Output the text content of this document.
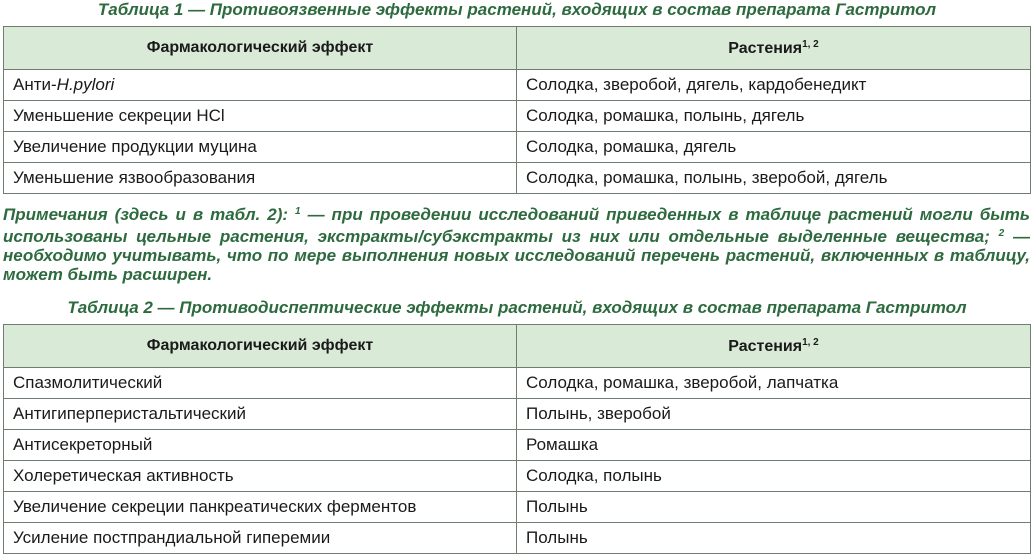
Таблица 1 — Противоязвенные эффекты растений, входящих в состав препарата Гастритол
Фармакологический эффект	Растения$^{1, 2}$
Анти-H.pylori	Солодка, зверобой, дягель, кардобенедикт
Уменьшение секреции HCl	Солодка, ромашка, полынь, дягель
Увеличение продукции муцина	Солодка, ромашка, дягель
Уменьшение язвообразования	Солодка, ромашка, полынь, зверобой, дягель
Примечания (здесь и в табл. 2): $^1$ — при проведении исследований приведенных в таблице растений могли быть использованы цельные растения, экстракты/субэкстракты из них или отдельные выделенные вещества; $^2$ — необходимо учитывать, что по мере выполнения новых исследований перечень растений, включенных в таблицу, может быть расширен.
Таблица 2 — Противодиспептические эффекты растений, входящих в состав препарата Гастритол
Фармакологический эффект	Растения$^{1, 2}$
Спазмолитический	Солодка, ромашка, зверобой, лапчатка
Антигиперперистальтический	Полынь, зверобой
Антисекреторный	Ромашка
Холеретическая активность	Солодка, полынь
Увеличение секреции панкреатических ферментов	Полынь
Усиление постпрандиальной гиперемии	Полынь
